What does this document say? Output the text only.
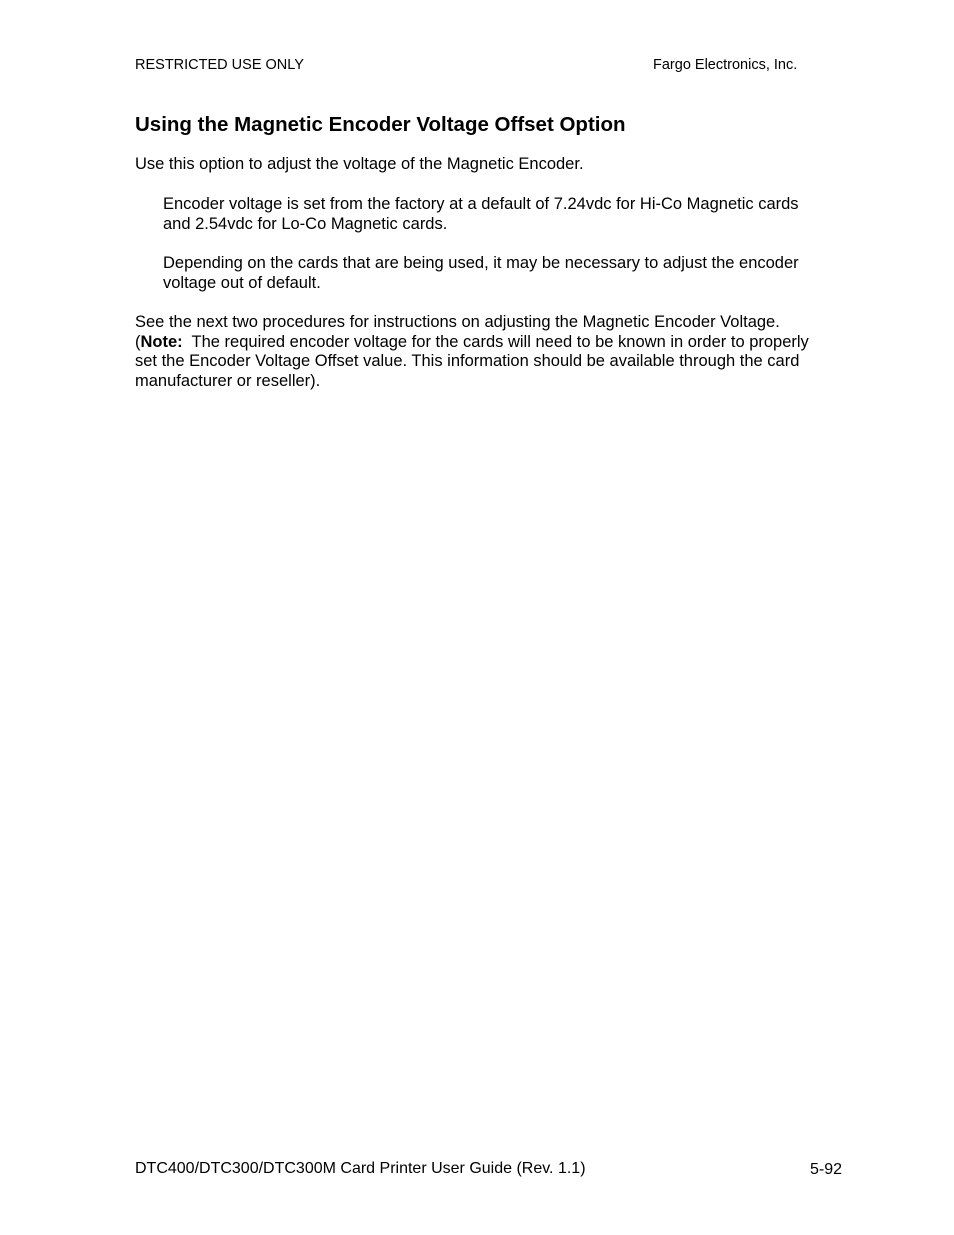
RESTRICTED USE ONLY	Fargo Electronics, Inc.
Using the Magnetic Encoder Voltage Offset Option

Use this option to adjust the voltage of the Magnetic Encoder.

Encoder voltage is set from the factory at a default of 7.24vdc for Hi-Co Magnetic cards
and 2.54vdc for Lo-Co Magnetic cards.

Depending on the cards that are being used, it may be necessary to adjust the encoder
voltage out of default.

See the next two procedures for instructions on adjusting the Magnetic Encoder Voltage.
(Note:  The required encoder voltage for the cards will need to be known in order to properly
set the Encoder Voltage Offset value. This information should be available through the card
manufacturer or reseller).

DTC400/DTC300/DTC300M Card Printer User Guide (Rev. 1.1)	5-92
